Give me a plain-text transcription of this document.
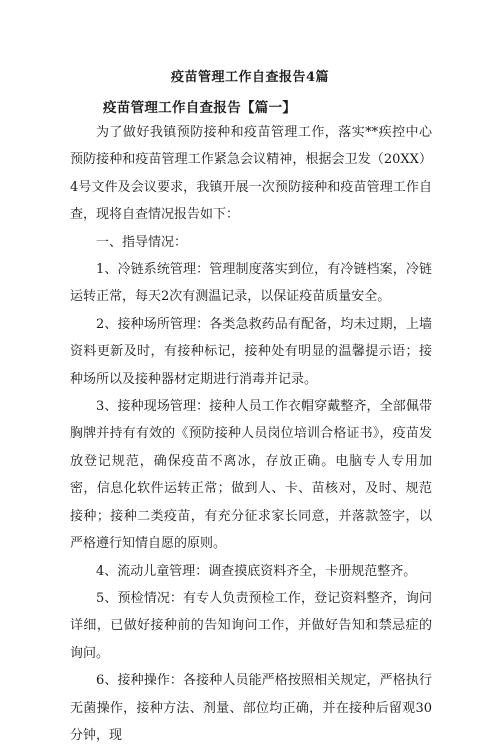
疫苗管理工作自查报告4篇
疫苗管理工作自查报告【篇一】

为了做好我镇预防接种和疫苗管理工作，落实**疾控中心预防接种和疫苗管理工作紧急会议精神，根据会卫发（20XX）4号文件及会议要求，我镇开展一次预防接种和疫苗管理工作自查，现将自查情况报告如下：

一、指导情况：

1、冷链系统管理：管理制度落实到位，有冷链档案，冷链运转正常，每天2次有测温记录，以保证疫苗质量安全。

2、接种场所管理：各类急救药品有配备，均未过期，上墙资料更新及时，有接种标记，接种处有明显的温馨提示语；接种场所以及接种器材定期进行消毒并记录。

3、接种现场管理：接种人员工作衣帽穿戴整齐，全部佩带胸牌并持有有效的《预防接种人员岗位培训合格证书》，疫苗发放登记规范，确保疫苗不离冰，存放正确。电脑专人专用加密，信息化软件运转正常；做到人、卡、苗核对，及时、规范接种；接种二类疫苗，有充分征求家长同意，并落款签字，以严格遵行知情自愿的原则。

4、流动儿童管理：调查摸底资料齐全，卡册规范整齐。

5、预检情况：有专人负责预检工作，登记资料整齐，询问详细，已做好接种前的告知询问工作，并做好告知和禁忌症的询问。

6、接种操作：各接种人员能严格按照相关规定，严格执行无菌操作，接种方法、剂量、部位均正确，并在接种后留观30分钟，现
